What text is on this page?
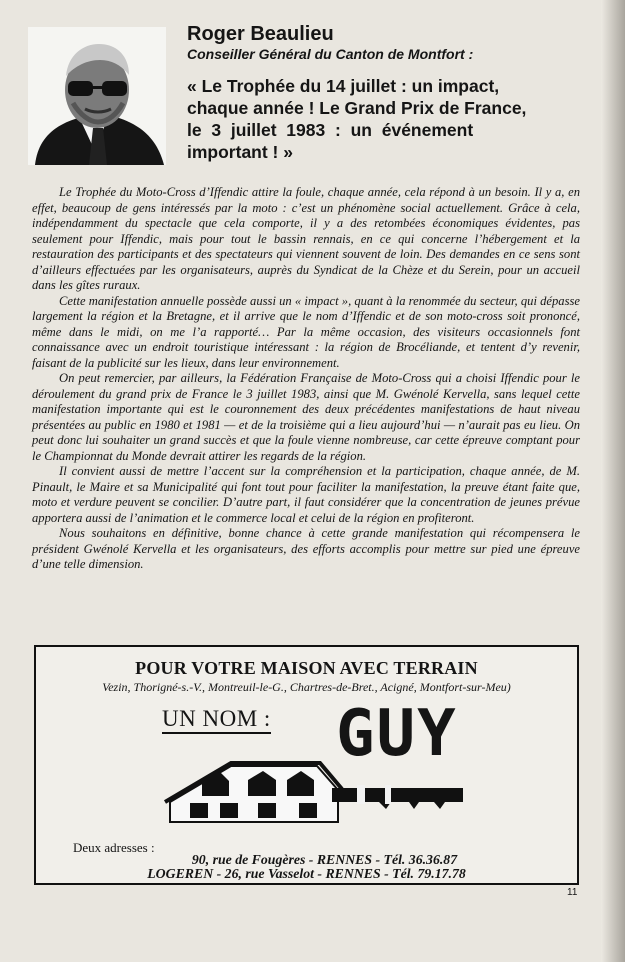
Roger Beaulieu

Conseiller Général du Canton de Montfort :

« Le Trophée du 14 juillet : un impact,
chaque année ! Le Grand Prix de France,
le 3 juillet 1983 : un événement
important ! »

Le Trophée du Moto-Cross d’Iffendic attire la foule, chaque année, cela répond à un besoin. Il y a, en effet, beaucoup de gens intéressés par la moto : c’est un phénomène social actuellement. Grâce à cela, indépendamment du spectacle que cela comporte, il y a des retombées économiques évidentes, pas seulement pour Iffendic, mais pour tout le bassin rennais, en ce qui concerne l’hébergement et la restauration des participants et des spectateurs qui viennent souvent de loin. Des demandes en ce sens sont d’ailleurs effectuées par les organisateurs, auprès du Syndicat de la Chèze et du Serein, pour un accueil dans les gîtes ruraux.

Cette manifestation annuelle possède aussi un « impact », quant à la renommée du secteur, qui dépasse largement la région et la Bretagne, et il arrive que le nom d’Iffendic et de son moto-cross soit prononcé, même dans le midi, on me l’a rapporté… Par la même occasion, des visiteurs occasionnels font connaissance avec un endroit touristique intéressant : la région de Brocéliande, et tentent d’y revenir, faisant de la publicité sur les lieux, dans leur environnement.

On peut remercier, par ailleurs, la Fédération Française de Moto-Cross qui a choisi Iffendic pour le déroulement du grand prix de France le 3 juillet 1983, ainsi que M. Gwénolé Kervella, sans lequel cette manifestation importante qui est le couronnement des deux précédentes manifestations de haut niveau présentées au public en 1980 et 1981 — et de la troisième qui a lieu aujourd’hui — n’aurait pas eu lieu. On peut donc lui souhaiter un grand succès et que la foule vienne nombreuse, car cette épreuve comptant pour le Championnat du Monde devrait attirer les regards de la région.

Il convient aussi de mettre l’accent sur la compréhension et la participation, chaque année, de M. Pinault, le Maire et sa Municipalité qui font tout pour faciliter la manifestation, la preuve étant faite que, moto et verdure peuvent se concilier. D’autre part, il faut considérer que la concentration de jeunes prévue apportera aussi de l’animation et le commerce local et celui de la région en profiteront.

Nous souhaitons en définitive, bonne chance à cette grande manifestation qui récompensera le président Gwénolé Kervella et les organisateurs, des efforts accomplis pour mettre sur pied une épreuve d’une telle dimension.

POUR VOTRE MAISON AVEC TERRAIN
Vezin, Thorigné-s.-V., Montreuil-le-G., Chartres-de-Bret., Acigné, Montfort-sur-Meu)
UN NOM : GUY
Deux adresses :
90, rue de Fougères - RENNES - Tél. 36.36.87
LOGEREN - 26, rue Vasselot - RENNES - Tél. 79.17.78
11
